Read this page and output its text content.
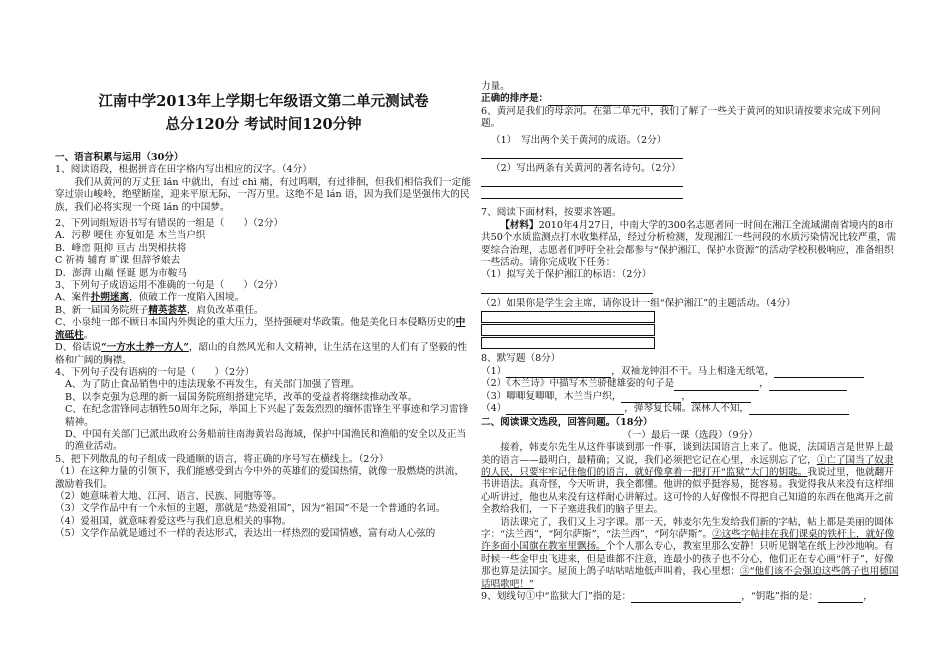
江南中学2013年上学期七年级语文第二单元测试卷
总分120分 考试时间120分钟
一、语言积累与运用（30分）
1、阅读语段，根据拼音在田字格内写出相应的汉字。（4分）
我们从黄河的万丈狂 lán 中就出，有过 chì 痛，有过呜咽，有过徘徊，但我们相信我们一定能穿过崇山峻岭，绝壁断崖，迎来平原无际，一泻万里。这绝不是 lán 语，因为我们是坚强伟大的民族，我们必将实现一个斑 lán 的中国梦。
2、下列词组短语书写有错误的一组是（　　）（2分）
A．污秽 哽住 亦复如是 木兰当户织
B．峰峦 阻抑 亘古 出哭相扶将
C 祈祷 辅育 旷课 但辞爷娘去
D．澎湃 山巅 怪诞 愿为市鞍马
3、下列句子成语运用不准确的一句是（　　）（2分）
A、案件扑朔迷离，侦破工作一度陷入困境。
B、新一届国务院班子精英荟萃，肩负改革重任。
C、小泉纯一郎不顾日本国内外舆论的重大压力，坚持强硬对华政策。他是美化日本侵略历史的中流砥柱。
D、俗话说“一方水土养一方人”，韶山的自然风光和人文精神，让生活在这里的人们有了坚毅的性格和广阔的胸襟。
4、下列句子没有语病的一句是（　　）（2分）
A、为了防止食品销售中的违法现象不再发生，有关部门加强了管理。
B、以李克强为总理的新一届国务院班组搭建完毕，改革的受益者将继续推动改革。
C、在纪念雷锋同志牺牲50周年之际，举国上下兴起了轰轰烈烈的缅怀雷锋生平事迹和学习雷锋精神。
D、中国有关部门已派出政府公务船前往南海黄岩岛海域，保护中国渔民和渔船的安全以及正当的渔业活动。
5、把下列散乱的句子组成一段通顺的语言，将正确的序号写在横线上。（2分）
（1）在这种力量的引领下，我们能感受到古今中外的英雄们的爱国热情，就像一股燃烧的洪流，激励着我们。
（2）她意味着大地、江河、语言、民族、同胞等等。
（3）文学作品中有一个永恒的主题，那就是“热爱祖国”，因为“祖国”不是一个普通的名词。
（4）爱祖国，就意味着爱这些与我们息息相关的事物。
（5）文学作品就是通过不一样的表达形式，表达出一样热烈的爱国情感，富有动人心弦的
力量。
正确的排序是：
6、黄河是我们的母亲河。在第二单元中，我们了解了一些关于黄河的知识请按要求完成下列问题。
（1）　写出两个关于黄河的成语。（2分）
（2）写出两条有关黄河的著名诗句。（2分）
7、阅读下面材料，按要求答题。
【材料】2010年4月27日，中南大学的300名志愿者同一时间在湘江全流域湖南省境内的8市共50个水质监测点打水收集样品，经过分析检测，发现湘江一些河段的水质污染情况比较严重，需要综合治理，志愿者们呼吁全社会都参与“保护湘江、保护水资源”的活动学校积极响应，准备组织一些活动。请你完成收下任务：
（1）拟写关于保护湘江的标语：（2分）
（2）如果你是学生会主席，请你设计一组“保护湘江”的主题活动。（4分）
8、默写题（8分）
（1）	，双袖龙钟泪不干。马上相逢无纸笔，
（2）《木兰诗》中描写木兰骄健雄姿的句子是	，
（3）唧唧复唧唧，木兰当户织，	，
（4）	，弹琴复长啸。深林人不知，
二、阅读课文选段，回答问题。（18分）
（一）最后一课（选段）（9分）
接着，韩麦尔先生从这件事谈到那一件事，谈到法国语言上来了。他说，法国语言是世界上最美的语言——最明白，最精确；又说，我们必须把它记在心里，永远别忘了它，①亡了国当了奴隶的人民，只要牢牢记住他们的语言，就好像拿着一把打开“监狱”大门的钥匙。我说过里，他就翻开书讲语法。真奇怪，今天听讲，我全都懂。他讲的似乎挺容易，挺容易。我觉得我从来没有这样细心听讲过，他也从来没有这样耐心讲解过。这可怜的人好像恨不得把自己知道的东西在他离开之前全教给我们，一下子塞进我们的脑子里去。
语法课完了，我们又上习字课。那一天，韩麦尔先生发给我们新的字帖，帖上都是美丽的圆体字：“法兰西”，“阿尔萨斯”，“法兰西”，“阿尔萨斯”。②这些字帖挂在我们课桌的铁杆上，就好像许多面小国旗在教室里飘扬。个个人那么专心，教室里那么安静！只听见钢笔在纸上沙沙地响。有时候一些金甲虫飞进来，但是谁都不注意，连最小的孩子也不分心，他们正在专心画“杆子”，好像那也算是法国字。屋顶上鸽子咕咕咕地低声叫着，我心里想：③“他们该不会强迫这些鸽子也用德国话唱歌吧！”
9、划线句①中“监狱大门”指的是：	，“钥匙”指的是：	，
